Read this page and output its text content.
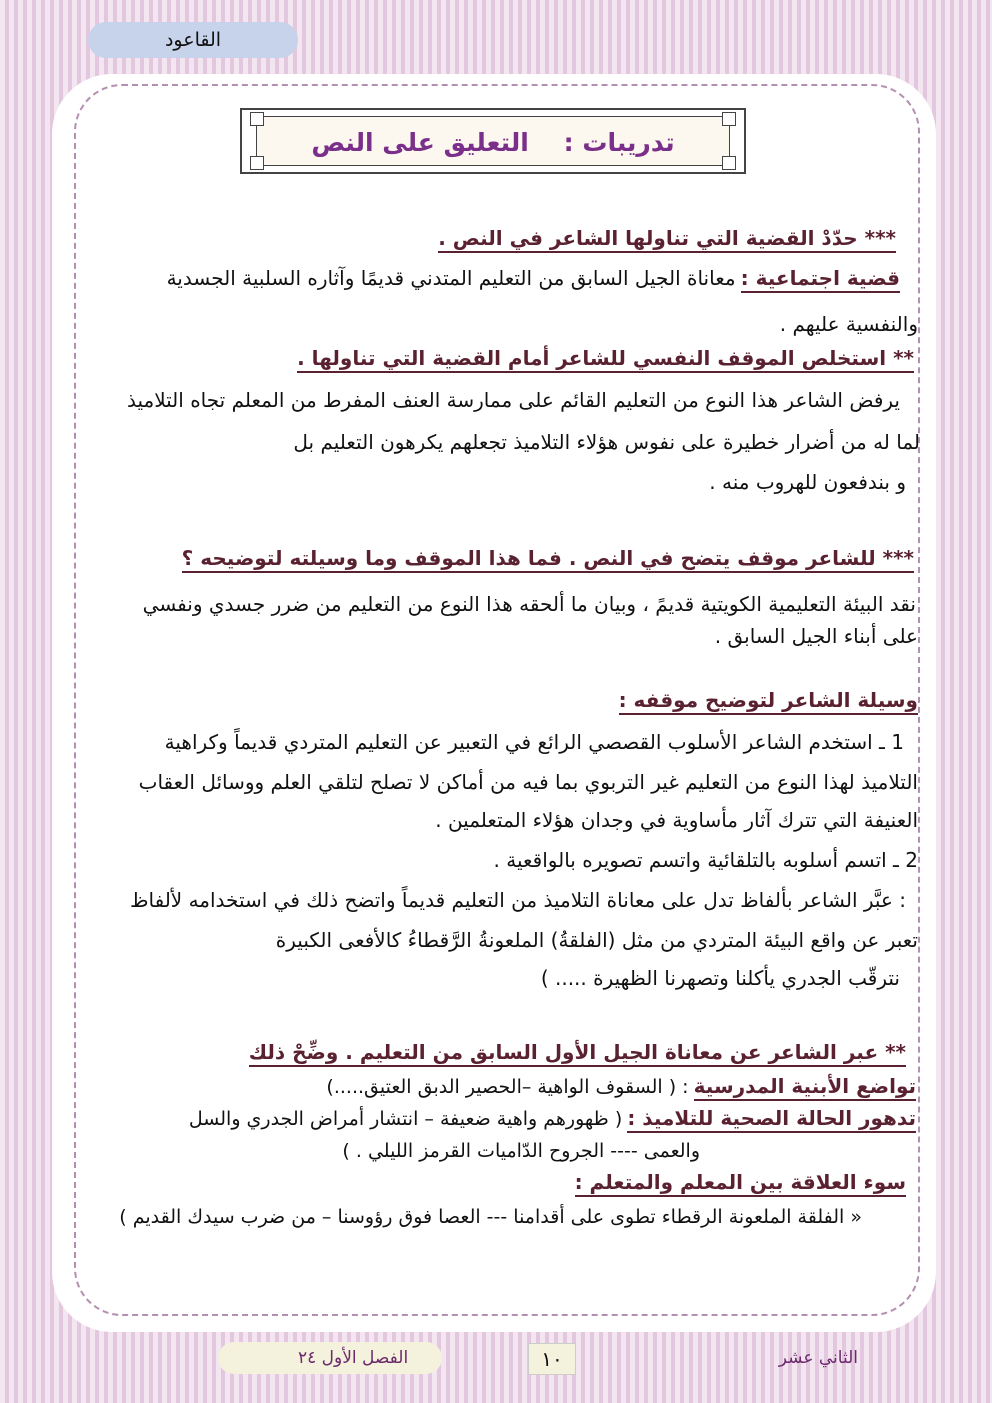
القاعود
تدريبات :    التعليق على النص
*** حدّدْ القضية التي تناولها الشاعر في النص .
قضية اجتماعية : معاناة الجيل السابق من التعليم المتدني قديمًا وآثاره السلبية الجسدية
والنفسية عليهم .
** استخلص الموقف النفسي للشاعر أمام القضية التي تناولها .
يرفض الشاعر هذا النوع من التعليم القائم على ممارسة العنف المفرط من المعلم تجاه التلاميذ
لما له من أضرار خطيرة على نفوس هؤلاء التلاميذ تجعلهم يكرهون التعليم بل
و بندفعون للهروب منه .
*** للشاعر موقف يتضح في النص . فما هذا الموقف وما وسيلته لتوضيحه ؟
نقد البيئة التعليمية الكويتية قديمً ، وبيان ما ألحقه هذا النوع من التعليم من ضرر جسدي ونفسي
على أبناء الجيل السابق .
وسيلة الشاعر لتوضيح موقفه :
1 ـ استخدم الشاعر الأسلوب القصصي الرائع في التعبير عن التعليم المتردي قديماً وكراهية
التلاميذ لهذا النوع من التعليم غير التربوي بما فيه من أماكن لا تصلح لتلقي العلم ووسائل العقاب
العنيفة التي تترك آثار مأساوية في وجدان هؤلاء المتعلمين .
2 ـ اتسم أسلوبه بالتلقائية واتسم تصويره بالواقعية .
: عبَّر الشاعر بألفاظ تدل على معاناة التلاميذ من التعليم قديماً واتضح ذلك في استخدامه لألفاظ
تعبر عن واقع البيئة المتردي من مثل (الفلقةُ) الملعونةُ الرَّقطاءُ كالأفعى الكبيرة
نترقّب الجدري يأكلنا وتصهرنا الظهيرة ..... )
** عبر الشاعر عن معاناة الجيل الأول السابق من التعليم . وضِّحْ ذلك
تواضع الأبنية المدرسية : ( السقوف الواهية –الحصير الدبق العتيق.....)
تدهور الحالة الصحية للتلاميذ : ( ظهورهم واهية ضعيفة – انتشار أمراض الجدري والسل
والعمى ---- الجروح الدّاميات القرمز الليلي . )
سوء العلاقة بين المعلم والمتعلم :
« الفلقة الملعونة الرقطاء تطوى على أقدامنا --- العصا فوق رؤوسنا – من ضرب سيدك القديم )
الفصل الأول ٢٤	١٠	الثاني عشر
